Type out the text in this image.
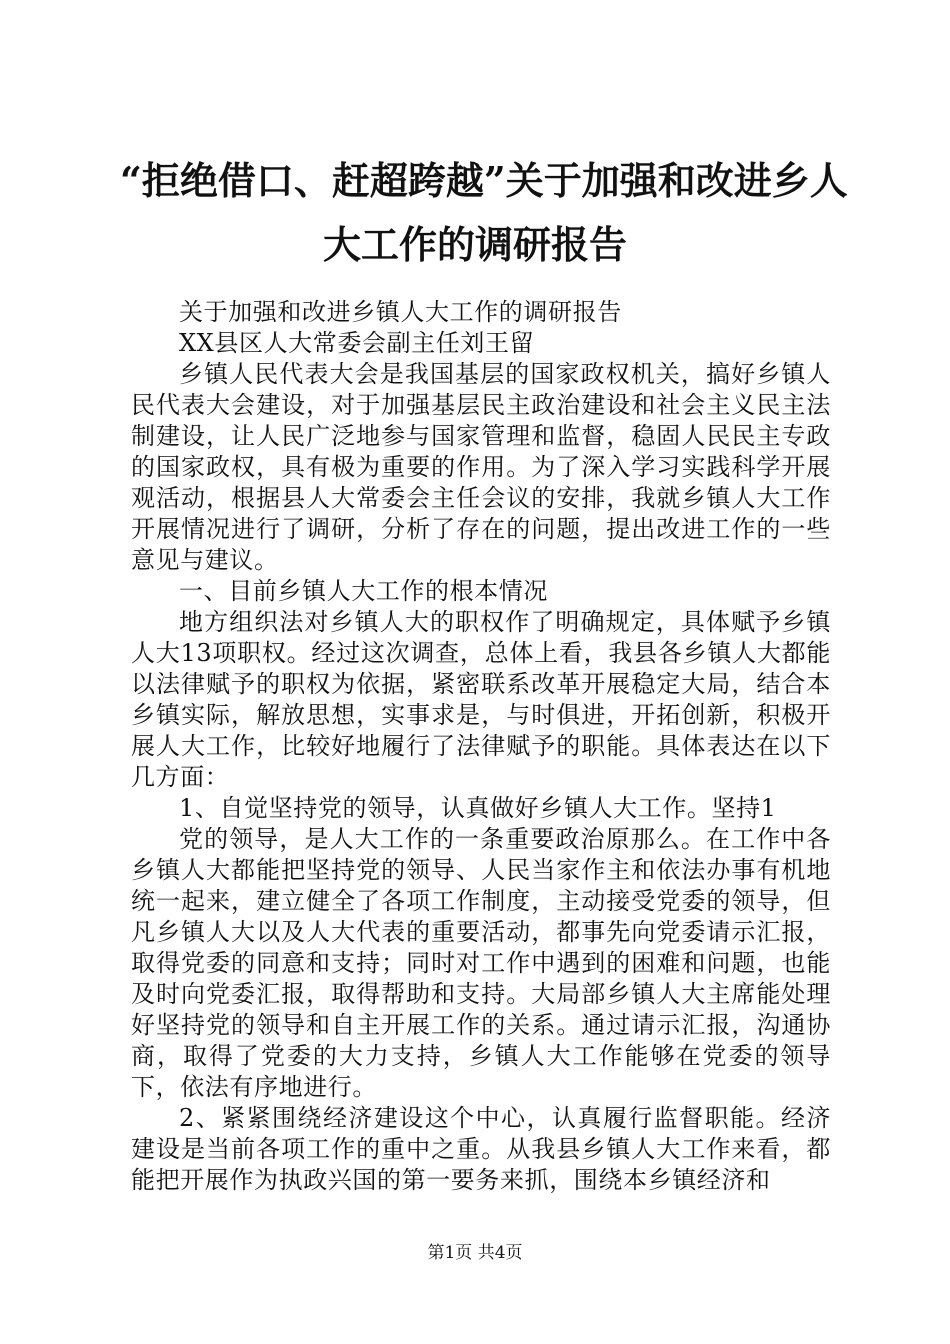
“拒绝借口、赶超跨越”关于加强和改进乡人
大工作的调研报告

关于加强和改进乡镇人大工作的调研报告

XX县区人大常委会副主任刘王留

乡镇人民代表大会是我国基层的国家政权机关，搞好乡镇人民代表大会建设，对于加强基层民主政治建设和社会主义民主法制建设，让人民广泛地参与国家管理和监督，稳固人民民主专政的国家政权，具有极为重要的作用。为了深入学习实践科学开展观活动，根据县人大常委会主任会议的安排，我就乡镇人大工作开展情况进行了调研，分析了存在的问题，提出改进工作的一些意见与建议。

一、目前乡镇人大工作的根本情况

地方组织法对乡镇人大的职权作了明确规定，具体赋予乡镇人大13项职权。经过这次调查，总体上看，我县各乡镇人大都能以法律赋予的职权为依据，紧密联系改革开展稳定大局，结合本乡镇实际，解放思想，实事求是，与时俱进，开拓创新，积极开展人大工作，比较好地履行了法律赋予的职能。具体表达在以下几方面：

1、自觉坚持党的领导，认真做好乡镇人大工作。坚持1

党的领导，是人大工作的一条重要政治原那么。在工作中各乡镇人大都能把坚持党的领导、人民当家作主和依法办事有机地统一起来，建立健全了各项工作制度，主动接受党委的领导，但凡乡镇人大以及人大代表的重要活动，都事先向党委请示汇报，取得党委的同意和支持；同时对工作中遇到的困难和问题，也能及时向党委汇报，取得帮助和支持。大局部乡镇人大主席能处理好坚持党的领导和自主开展工作的关系。通过请示汇报，沟通协商，取得了党委的大力支持，乡镇人大工作能够在党委的领导下，依法有序地进行。

2、紧紧围绕经济建设这个中心，认真履行监督职能。经济建设是当前各项工作的重中之重。从我县乡镇人大工作来看，都能把开展作为执政兴国的第一要务来抓，围绕本乡镇经济和

第1页 共4页
